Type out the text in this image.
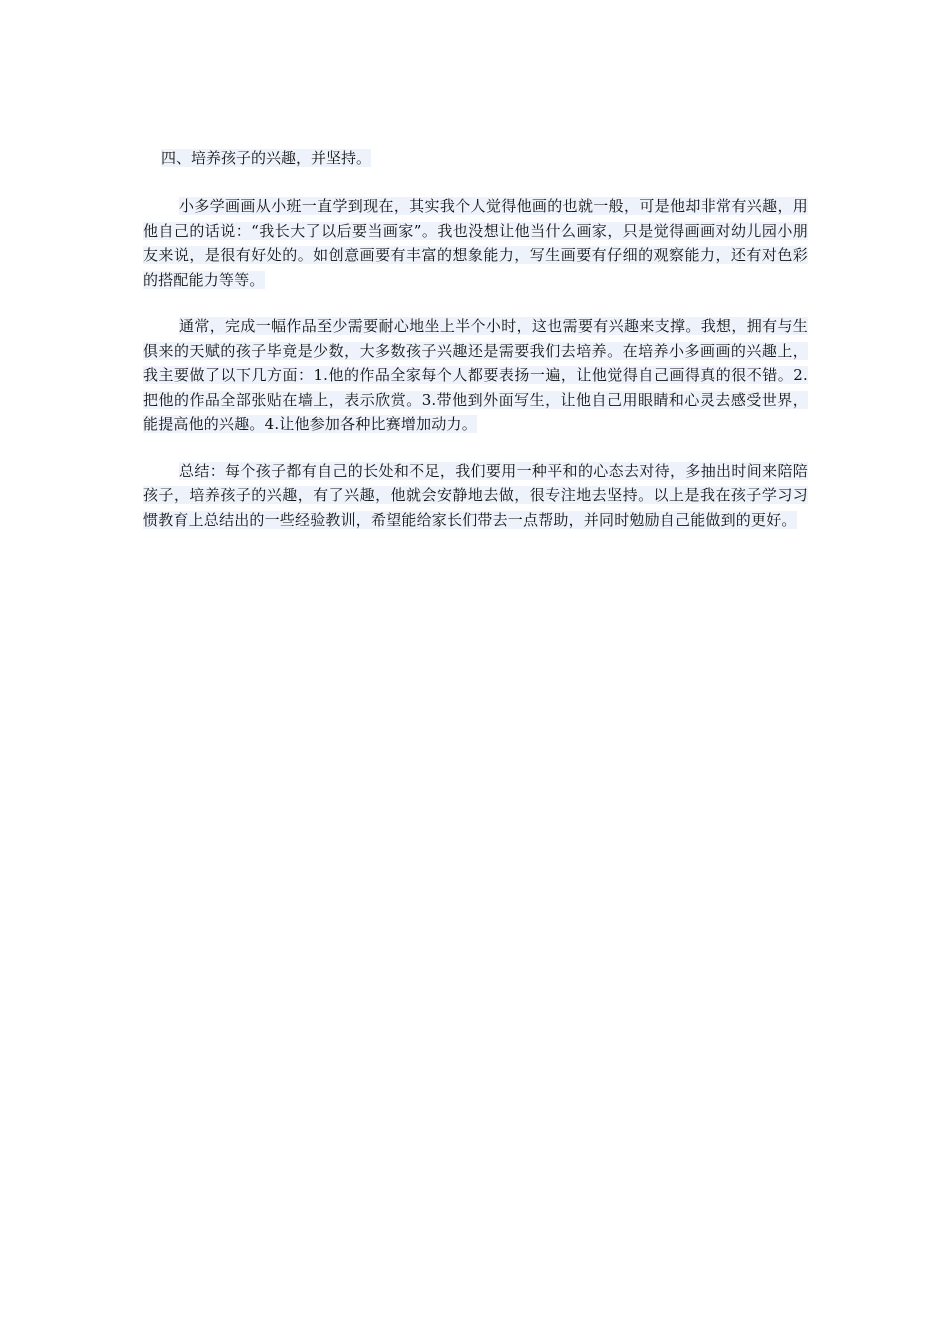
四、培养孩子的兴趣，并坚持。

小多学画画从小班一直学到现在，其实我个人觉得他画的也就一般，可是他却非常有兴趣，用他自己的话说：“我长大了以后要当画家”。我也没想让他当什么画家，只是觉得画画对幼儿园小朋友来说，是很有好处的。如创意画要有丰富的想象能力，写生画要有仔细的观察能力，还有对色彩的搭配能力等等。

通常，完成一幅作品至少需要耐心地坐上半个小时，这也需要有兴趣来支撑。我想，拥有与生俱来的天赋的孩子毕竟是少数，大多数孩子兴趣还是需要我们去培养。在培养小多画画的兴趣上，我主要做了以下几方面：1.他的作品全家每个人都要表扬一遍，让他觉得自己画得真的很不错。2.把他的作品全部张贴在墙上，表示欣赏。3.带他到外面写生，让他自己用眼睛和心灵去感受世界，能提高他的兴趣。4.让他参加各种比赛增加动力。

总结：每个孩子都有自己的长处和不足，我们要用一种平和的心态去对待，多抽出时间来陪陪孩子，培养孩子的兴趣，有了兴趣，他就会安静地去做，很专注地去坚持。以上是我在孩子学习习惯教育上总结出的一些经验教训，希望能给家长们带去一点帮助，并同时勉励自己能做到的更好。
